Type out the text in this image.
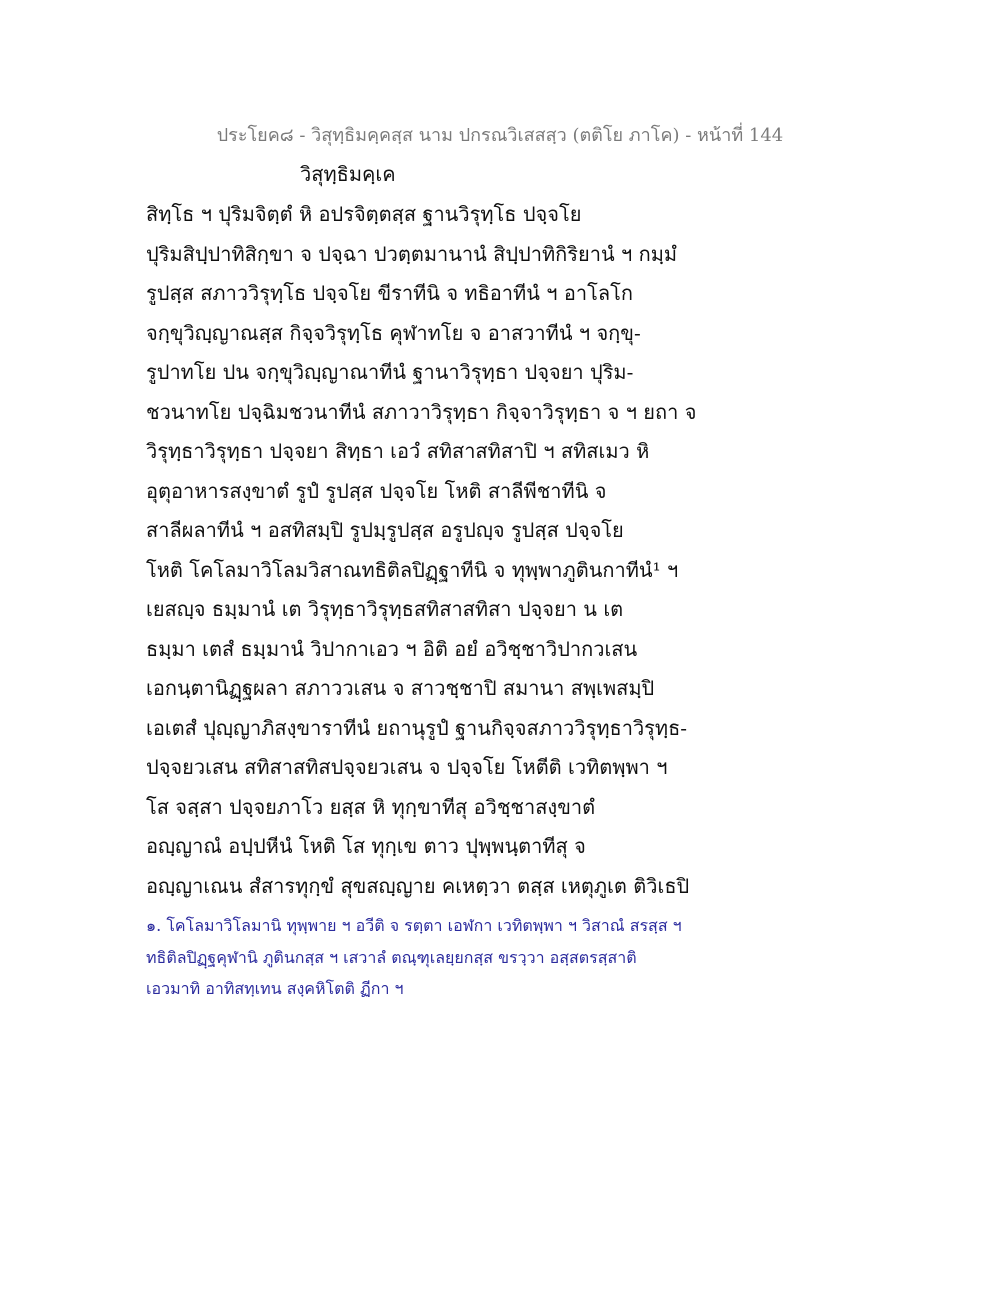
ประโยค๘ - วิสุทฺธิมคฺคสฺส นาม ปกรณวิเสสสฺว (ตติโย ภาโค) - หน้าที่ 144
วิสุทฺธิมคฺเค
สิทฺโธ ฯ ปุริมจิตฺตํ หิ อปรจิตฺตสฺส ฐานวิรุทฺโธ ปจฺจโย
ปุริมสิปฺปาทิสิกฺขา จ ปจฺฉา ปวตฺตมานานํ สิปฺปาทิกิริยานํ ฯ กมฺมํ
รูปสฺส สภาววิรุทฺโธ ปจฺจโย ขีราทีนิ จ ทธิอาทีนํ ฯ อาโลโก
จกฺขุวิญฺญาณสฺส กิจฺจวิรุทฺโธ คุฬาทโย จ อาสวาทีนํ ฯ จกฺขุ-
รูปาทโย ปน จกฺขุวิญฺญาณาทีนํ ฐานาวิรุทฺธา ปจฺจยา ปุริม-
ชวนาทโย ปจฺฉิมชวนาทีนํ สภาวาวิรุทฺธา กิจฺจาวิรุทฺธา จ ฯ ยถา จ
วิรุทฺธาวิรุทฺธา ปจฺจยา สิทฺธา เอวํ สทิสาสทิสาปิ ฯ สทิสเมว หิ
อุตุอาหารสงฺขาตํ รูปํ รูปสฺส ปจฺจโย โหติ สาลีพีชาทีนิ จ
สาลีผลาทีนํ ฯ อสทิสมฺปิ รูปมฺรูปสฺส อรูปญฺจ รูปสฺส ปจฺจโย
โหติ โคโลมาวิโลมวิสาณทธิติลปิฏฺฐาทีนิ จ ทุพฺพาภูตินกาทีนํ¹ ฯ
เยสญฺจ ธมฺมานํ เต วิรุทฺธาวิรุทฺธสทิสาสทิสา ปจฺจยา น เต
ธมฺมา เตสํ ธมฺมานํ วิปากาเอว ฯ อิติ อยํ อวิชฺชาวิปากวเสน
เอกนฺตานิฏฺฐผลา สภาววเสน จ สาวชฺชาปิ สมานา สพฺเพสมฺปิ
เอเตสํ ปุญฺญาภิสงฺขาราทีนํ ยถานุรูปํ ฐานกิจฺจสภาววิรุทฺธาวิรุทฺธ-
ปจฺจยวเสน สทิสาสทิสปจฺจยวเสน จ ปจฺจโย โหตีติ เวทิตพฺพา ฯ
โส จสฺสา ปจฺจยภาโว ยสฺส หิ ทุกฺขาทีสุ อวิชฺชาสงฺขาตํ
อญฺญาณํ อปฺปหีนํ โหติ โส ทุกฺเข ตาว ปุพฺพนฺตาทีสุ จ
อญฺญาเณน สํสารทุกฺขํ สุขสญฺญาย คเหตฺวา ตสฺส เหตุภูเต ติวิเธปิ
๑. โคโลมาวิโลมานิ ทุพฺพาย ฯ อวีติ จ รตฺตา เอฬกา เวทิตพฺพา ฯ วิสาณํ สรสฺส ฯ
ทธิติลปิฏฺฐคุฬานิ ภูตินกสฺส ฯ เสวาลํ ตณฺฑุเลยฺยกสฺส ขรวฺวา อสฺสตรสฺสาติ
เอวมาทิ อาทิสทฺเทน สงฺคหิโตติ ฏีกา ฯ
